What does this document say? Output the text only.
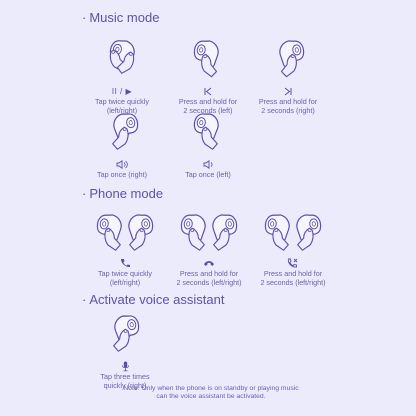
· Music mode
II / ▶
Tap twice quickly
(left/right)
Press and hold for
2 seconds (left)
Press and hold for
2 seconds (right)
Tap once (right)	Tap once (left)
· Phone mode
Tap twice quickly
(left/right)
Press and hold for
2 seconds (left/right)
Press and hold for
2 seconds (left/right)
· Activate voice assistant
Tap three times
quickly (right)
Note: Only when the phone is on standby or playing music
can the voice assistant be activated.
